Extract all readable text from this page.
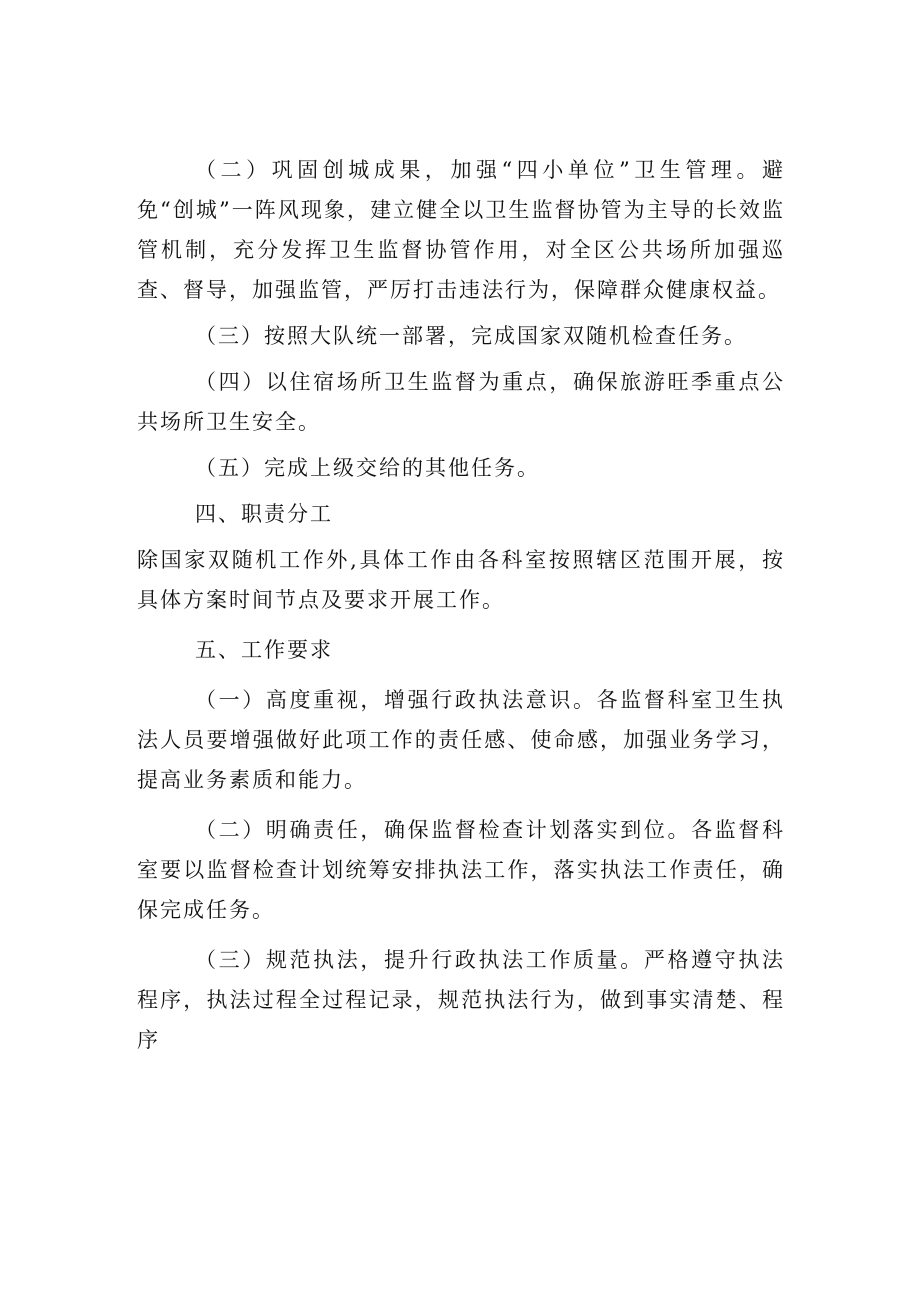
（二）巩固创城成果，加强“四小单位”卫生管理。避免“创城”一阵风现象，建立健全以卫生监督协管为主导的长效监管机制，充分发挥卫生监督协管作用，对全区公共场所加强巡查、督导，加强监管，严厉打击违法行为，保障群众健康权益。

（三）按照大队统一部署，完成国家双随机检查任务。

（四）以住宿场所卫生监督为重点，确保旅游旺季重点公共场所卫生安全。

（五）完成上级交给的其他任务。

四、职责分工

除国家双随机工作外,具体工作由各科室按照辖区范围开展，按具体方案时间节点及要求开展工作。

五、工作要求

（一）高度重视，增强行政执法意识。各监督科室卫生执法人员要增强做好此项工作的责任感、使命感，加强业务学习，提高业务素质和能力。

（二）明确责任，确保监督检查计划落实到位。各监督科室要以监督检查计划统筹安排执法工作，落实执法工作责任，确保完成任务。

（三）规范执法，提升行政执法工作质量。严格遵守执法程序，执法过程全过程记录，规范执法行为，做到事实清楚、程序
